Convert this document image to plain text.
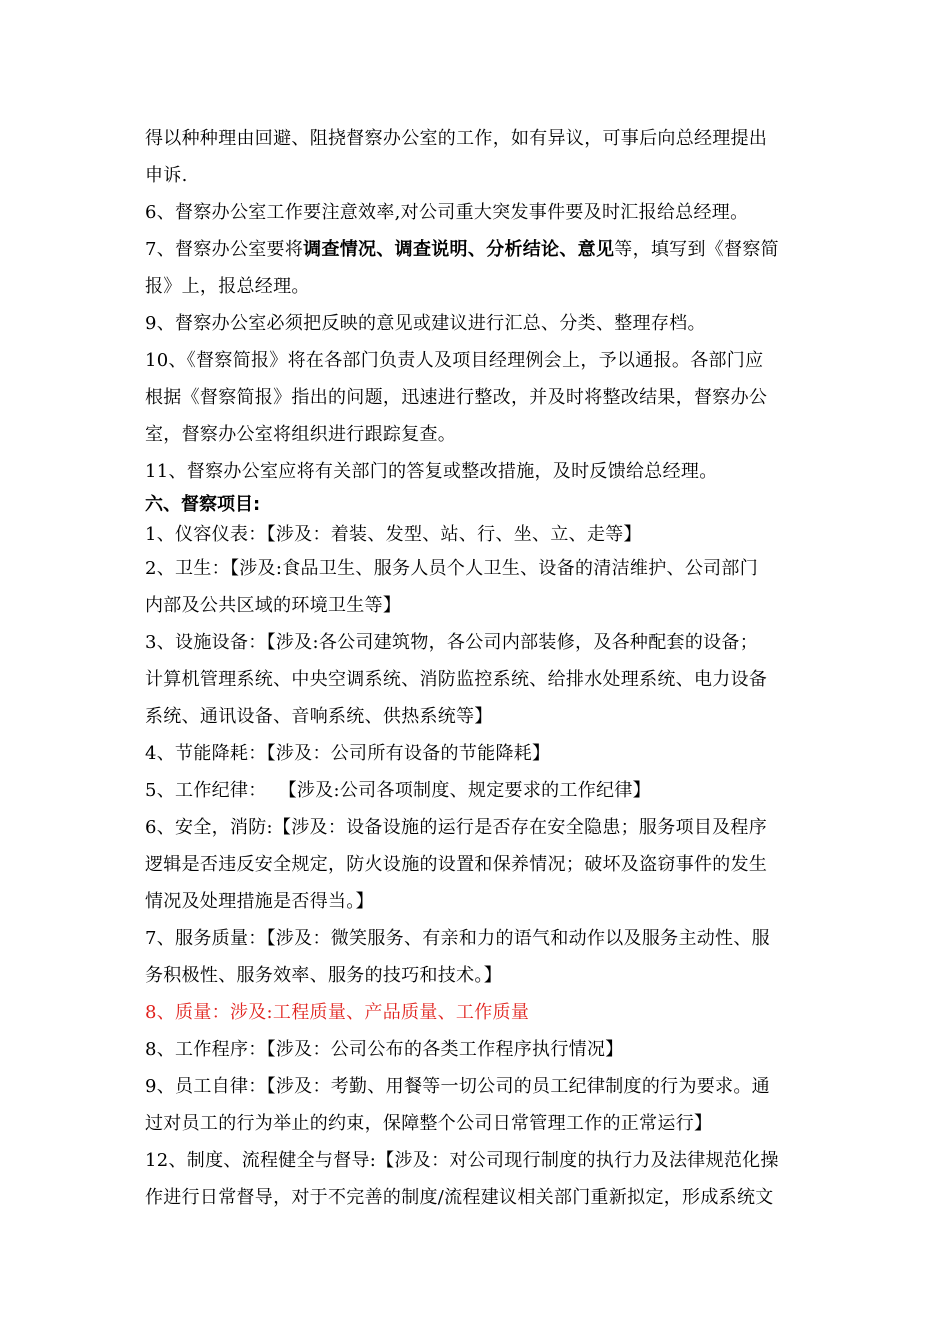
得以种种理由回避、阻挠督察办公室的工作，如有异议，可事后向总经理提出
申诉.

6、督察办公室工作要注意效率,对公司重大突发事件要及时汇报给总经理。

7、督察办公室要将调查情况、调查说明、分析结论、意见等，填写到《督察简
报》上，报总经理。

9、督察办公室必须把反映的意见或建议进行汇总、分类、整理存档。

10、《督察简报》将在各部门负责人及项目经理例会上，予以通报。各部门应
根据《督察简报》指出的问题，迅速进行整改，并及时将整改结果，督察办公
室，督察办公室将组织进行跟踪复查。

11、督察办公室应将有关部门的答复或整改措施，及时反馈给总经理。

六、督察项目:

1、仪容仪表：【涉及：着装、发型、站、行、坐、立、走等】

2、卫生：【涉及:食品卫生、服务人员个人卫生、设备的清洁维护、公司部门
内部及公共区域的环境卫生等】

3、设施设备：【涉及:各公司建筑物，各公司内部装修，及各种配套的设备；
计算机管理系统、中央空调系统、消防监控系统、给排水处理系统、电力设备
系统、通讯设备、音响系统、供热系统等】

4、节能降耗：【涉及：公司所有设备的节能降耗】

5、工作纪律：  【涉及:公司各项制度、规定要求的工作纪律】

6、安全，消防:【涉及：设备设施的运行是否存在安全隐患；服务项目及程序
逻辑是否违反安全规定，防火设施的设置和保养情况；破坏及盗窃事件的发生
情况及处理措施是否得当。】

7、服务质量：【涉及：微笑服务、有亲和力的语气和动作以及服务主动性、服
务积极性、服务效率、服务的技巧和技术。】

8、质量：涉及:工程质量、产品质量、工作质量

8、工作程序：【涉及：公司公布的各类工作程序执行情况】

9、员工自律：【涉及：考勤、用餐等一切公司的员工纪律制度的行为要求。通
过对员工的行为举止的约束，保障整个公司日常管理工作的正常运行】

12、制度、流程健全与督导:【涉及：对公司现行制度的执行力及法律规范化操
作进行日常督导，对于不完善的制度/流程建议相关部门重新拟定，形成系统文
